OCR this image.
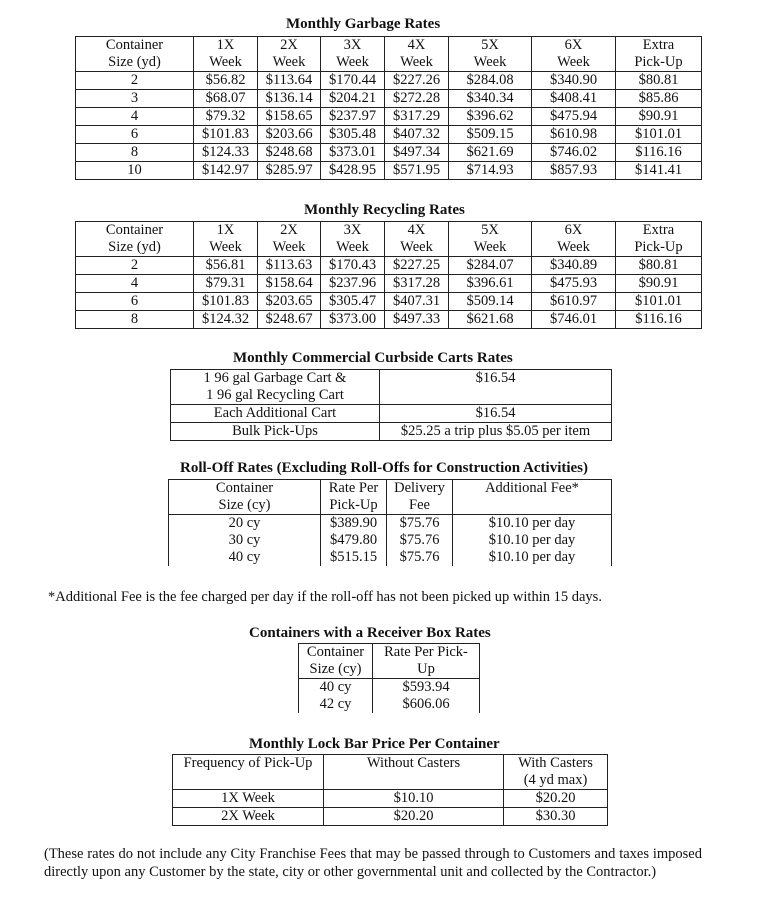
Monthly Garbage Rates
Container	1X	2X	3X	4X	5X	6X	Extra
Size (yd)	Week	Week	Week	Week	Week	Week	Pick-Up
2	$56.82	$113.64	$170.44	$227.26	$284.08	$340.90	$80.81
3	$68.07	$136.14	$204.21	$272.28	$340.34	$408.41	$85.86
4	$79.32	$158.65	$237.97	$317.29	$396.62	$475.94	$90.91
6	$101.83	$203.66	$305.48	$407.32	$509.15	$610.98	$101.01
8	$124.33	$248.68	$373.01	$497.34	$621.69	$746.02	$116.16
10	$142.97	$285.97	$428.95	$571.95	$714.93	$857.93	$141.41
Monthly Recycling Rates
Container	1X	2X	3X	4X	5X	6X	Extra
Size (yd)	Week	Week	Week	Week	Week	Week	Pick-Up
2	$56.81	$113.63	$170.43	$227.25	$284.07	$340.89	$80.81
4	$79.31	$158.64	$237.96	$317.28	$396.61	$475.93	$90.91
6	$101.83	$203.65	$305.47	$407.31	$509.14	$610.97	$101.01
8	$124.32	$248.67	$373.00	$497.33	$621.68	$746.01	$116.16
Monthly Commercial Curbside Carts Rates
1 96 gal Garbage Cart &
1 96 gal Recycling Cart	$16.54
Each Additional Cart	$16.54
Bulk Pick-Ups	$25.25 a trip plus $5.05 per item
Roll-Off Rates (Excluding Roll-Offs for Construction Activities)
Container	Rate Per	Delivery	Additional Fee*
Size (cy)	Pick-Up	Fee	
20 cy	$389.90	$75.76	$10.10 per day
30 cy	$479.80	$75.76	$10.10 per day
40 cy	$515.15	$75.76	$10.10 per day
*Additional Fee is the fee charged per day if the roll-off has not been picked up within 15 days.
Containers with a Receiver Box Rates
Container	Rate Per Pick-
Size (cy)	Up
40 cy	$593.94
42 cy	$606.06
Monthly Lock Bar Price Per Container
Frequency of Pick-Up	Without Casters	With Casters
		(4 yd max)
1X Week	$10.10	$20.20
2X Week	$20.20	$30.30
(These rates do not include any City Franchise Fees that may be passed through to Customers and taxes imposed directly upon any Customer by the state, city or other governmental unit and collected by the Contractor.)
